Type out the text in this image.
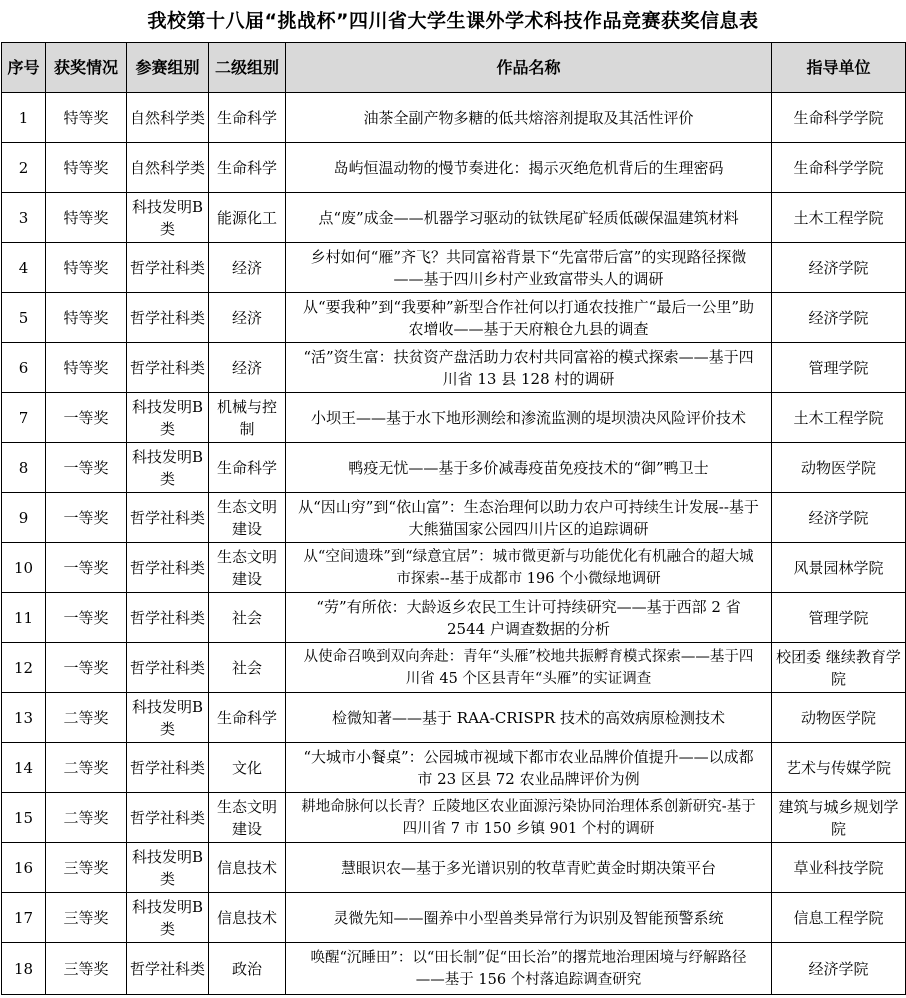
我校第十八届“挑战杯”四川省大学生课外学术科技作品竞赛获奖信息表
序号	获奖情况	参赛组别	二级组别	作品名称	指导单位
1	特等奖	自然科学类	生命科学	油茶全副产物多糖的低共熔溶剂提取及其活性评价	生命科学学院
2	特等奖	自然科学类	生命科学	岛屿恒温动物的慢节奏进化：揭示灭绝危机背后的生理密码	生命科学学院
3	特等奖	科技发明B类	能源化工	点“废”成金——机器学习驱动的钛铁尾矿轻质低碳保温建筑材料	土木工程学院
4	特等奖	哲学社科类	经济	乡村如何“雁”齐飞？共同富裕背景下“先富带后富”的实现路径探微——基于四川乡村产业致富带头人的调研	经济学院
5	特等奖	哲学社科类	经济	从“要我种”到“我要种”新型合作社何以打通农技推广“最后一公里”助农增收——基于天府粮仓九县的调查	经济学院
6	特等奖	哲学社科类	经济	“活”资生富：扶贫资产盘活助力农村共同富裕的模式探索——基于四川省 13 县 128 村的调研	管理学院
7	一等奖	科技发明B类	机械与控制	小坝王——基于水下地形测绘和渗流监测的堤坝溃决风险评价技术	土木工程学院
8	一等奖	科技发明B类	生命科学	鸭疫无忧——基于多价减毒疫苗免疫技术的“御”鸭卫士	动物医学院
9	一等奖	哲学社科类	生态文明建设	从“因山穷”到“依山富”：生态治理何以助力农户可持续生计发展--基于大熊猫国家公园四川片区的追踪调研	经济学院
10	一等奖	哲学社科类	生态文明建设	从“空间遗珠”到“绿意宜居”：城市微更新与功能优化有机融合的超大城市探索--基于成都市 196 个小微绿地调研	风景园林学院
11	一等奖	哲学社科类	社会	“劳”有所依：大龄返乡农民工生计可持续研究——基于西部 2 省 2544 户调查数据的分析	管理学院
12	一等奖	哲学社科类	社会	从使命召唤到双向奔赴：青年“头雁”校地共振孵育模式探索——基于四川省 45 个区县青年“头雁”的实证调查	校团委 继续教育学院
13	二等奖	科技发明B类	生命科学	检微知著——基于 RAA-CRISPR 技术的高效病原检测技术	动物医学院
14	二等奖	哲学社科类	文化	“大城市小餐桌”：公园城市视域下都市农业品牌价值提升——以成都市 23 区县 72 农业品牌评价为例	艺术与传媒学院
15	二等奖	哲学社科类	生态文明建设	耕地命脉何以长青？丘陵地区农业面源污染协同治理体系创新研究-基于四川省 7 市 150 乡镇 901 个村的调研	建筑与城乡规划学院
16	三等奖	科技发明B类	信息技术	慧眼识农—基于多光谱识别的牧草青贮黄金时期决策平台	草业科技学院
17	三等奖	科技发明B类	信息技术	灵微先知——圈养中小型兽类异常行为识别及智能预警系统	信息工程学院
18	三等奖	哲学社科类	政治	唤醒“沉睡田”：以“田长制”促“田长治”的撂荒地治理困境与纾解路径——基于 156 个村落追踪调查研究	经济学院
